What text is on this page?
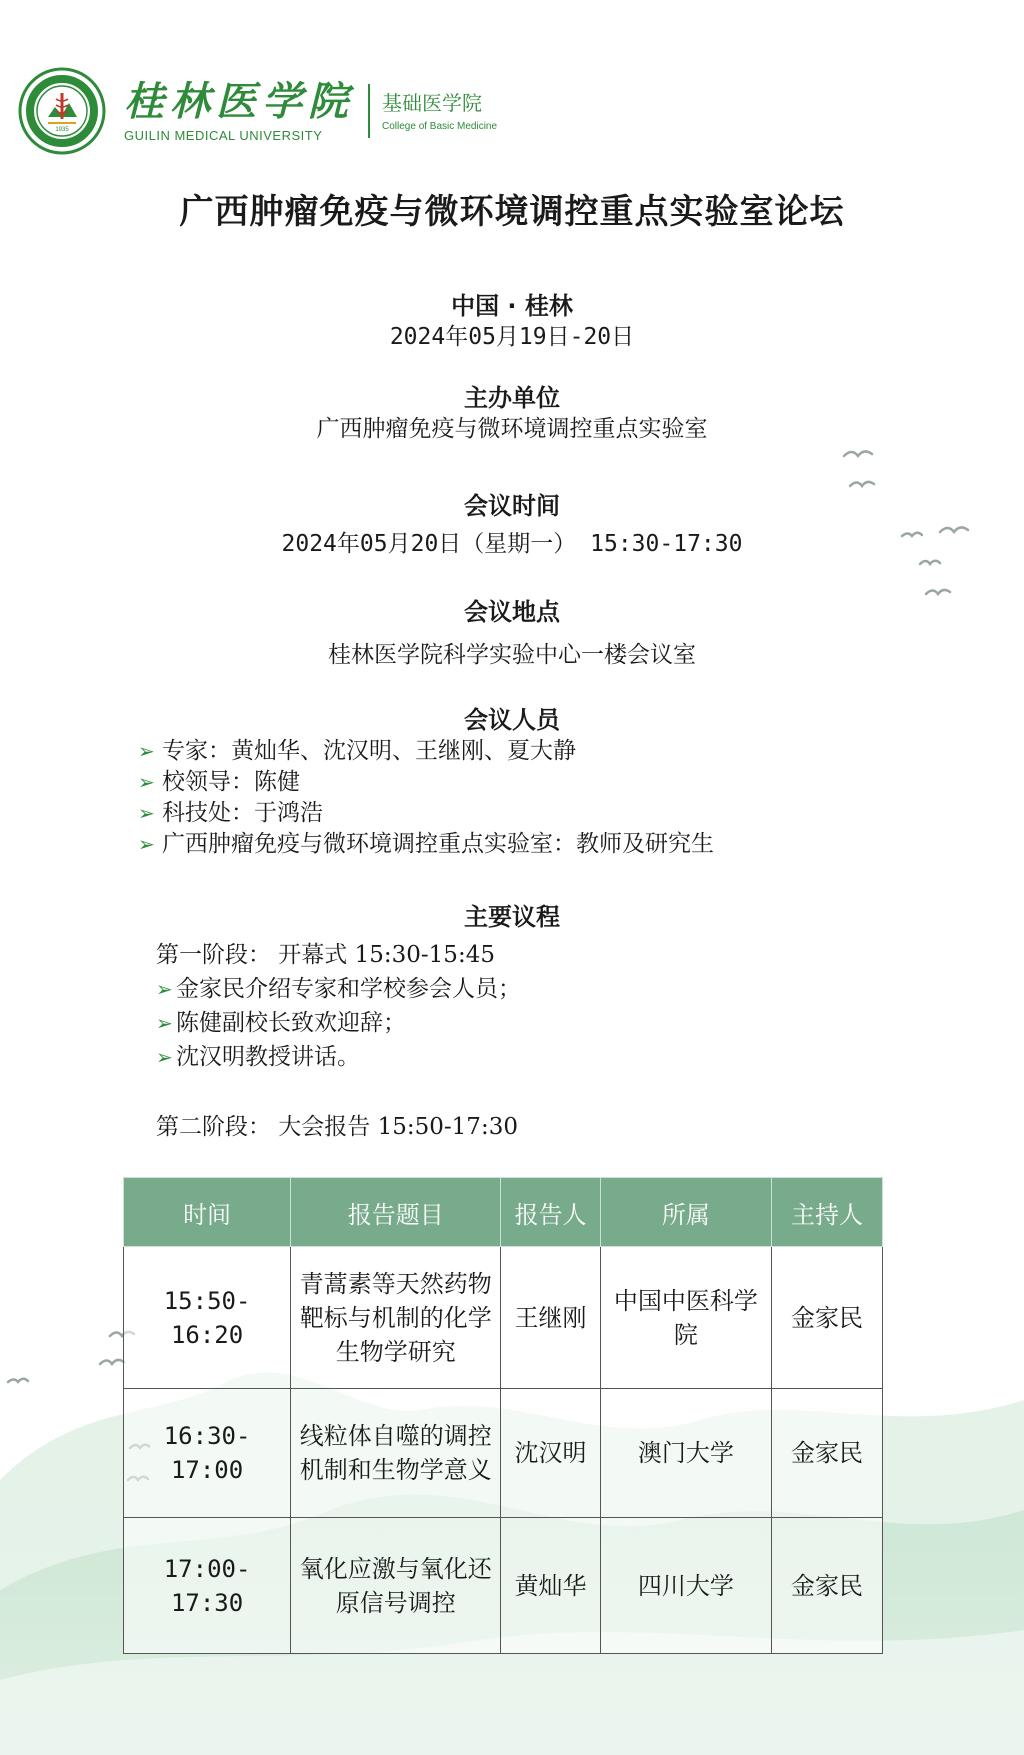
1935
桂林医学院
GUILIN MEDICAL UNIVERSITY
基础医学院
College of Basic Medicine
广西肿瘤免疫与微环境调控重点实验室论坛
中国 · 桂林
2024年05月19日-20日
主办单位
广西肿瘤免疫与微环境调控重点实验室
会议时间
2024年05月20日（星期一） 15:30-17:30
会议地点
桂林医学院科学实验中心一楼会议室
会议人员
➢ 专家：黄灿华、沈汉明、王继刚、夏大静
➢ 校领导：陈健
➢ 科技处：于鸿浩
➢ 广西肿瘤免疫与微环境调控重点实验室：教师及研究生
主要议程
第一阶段： 开幕式 15:30-15:45
➢ 金家民介绍专家和学校参会人员；
➢ 陈健副校长致欢迎辞；
➢ 沈汉明教授讲话。
第二阶段： 大会报告 15:50-17:30
时间	报告题目	报告人	所属	主持人
15:50-16:20	青蒿素等天然药物靶标与机制的化学生物学研究	王继刚	中国中医科学院	金家民
16:30-17:00	线粒体自噬的调控机制和生物学意义	沈汉明	澳门大学	金家民
17:00-17:30	氧化应激与氧化还原信号调控	黄灿华	四川大学	金家民
